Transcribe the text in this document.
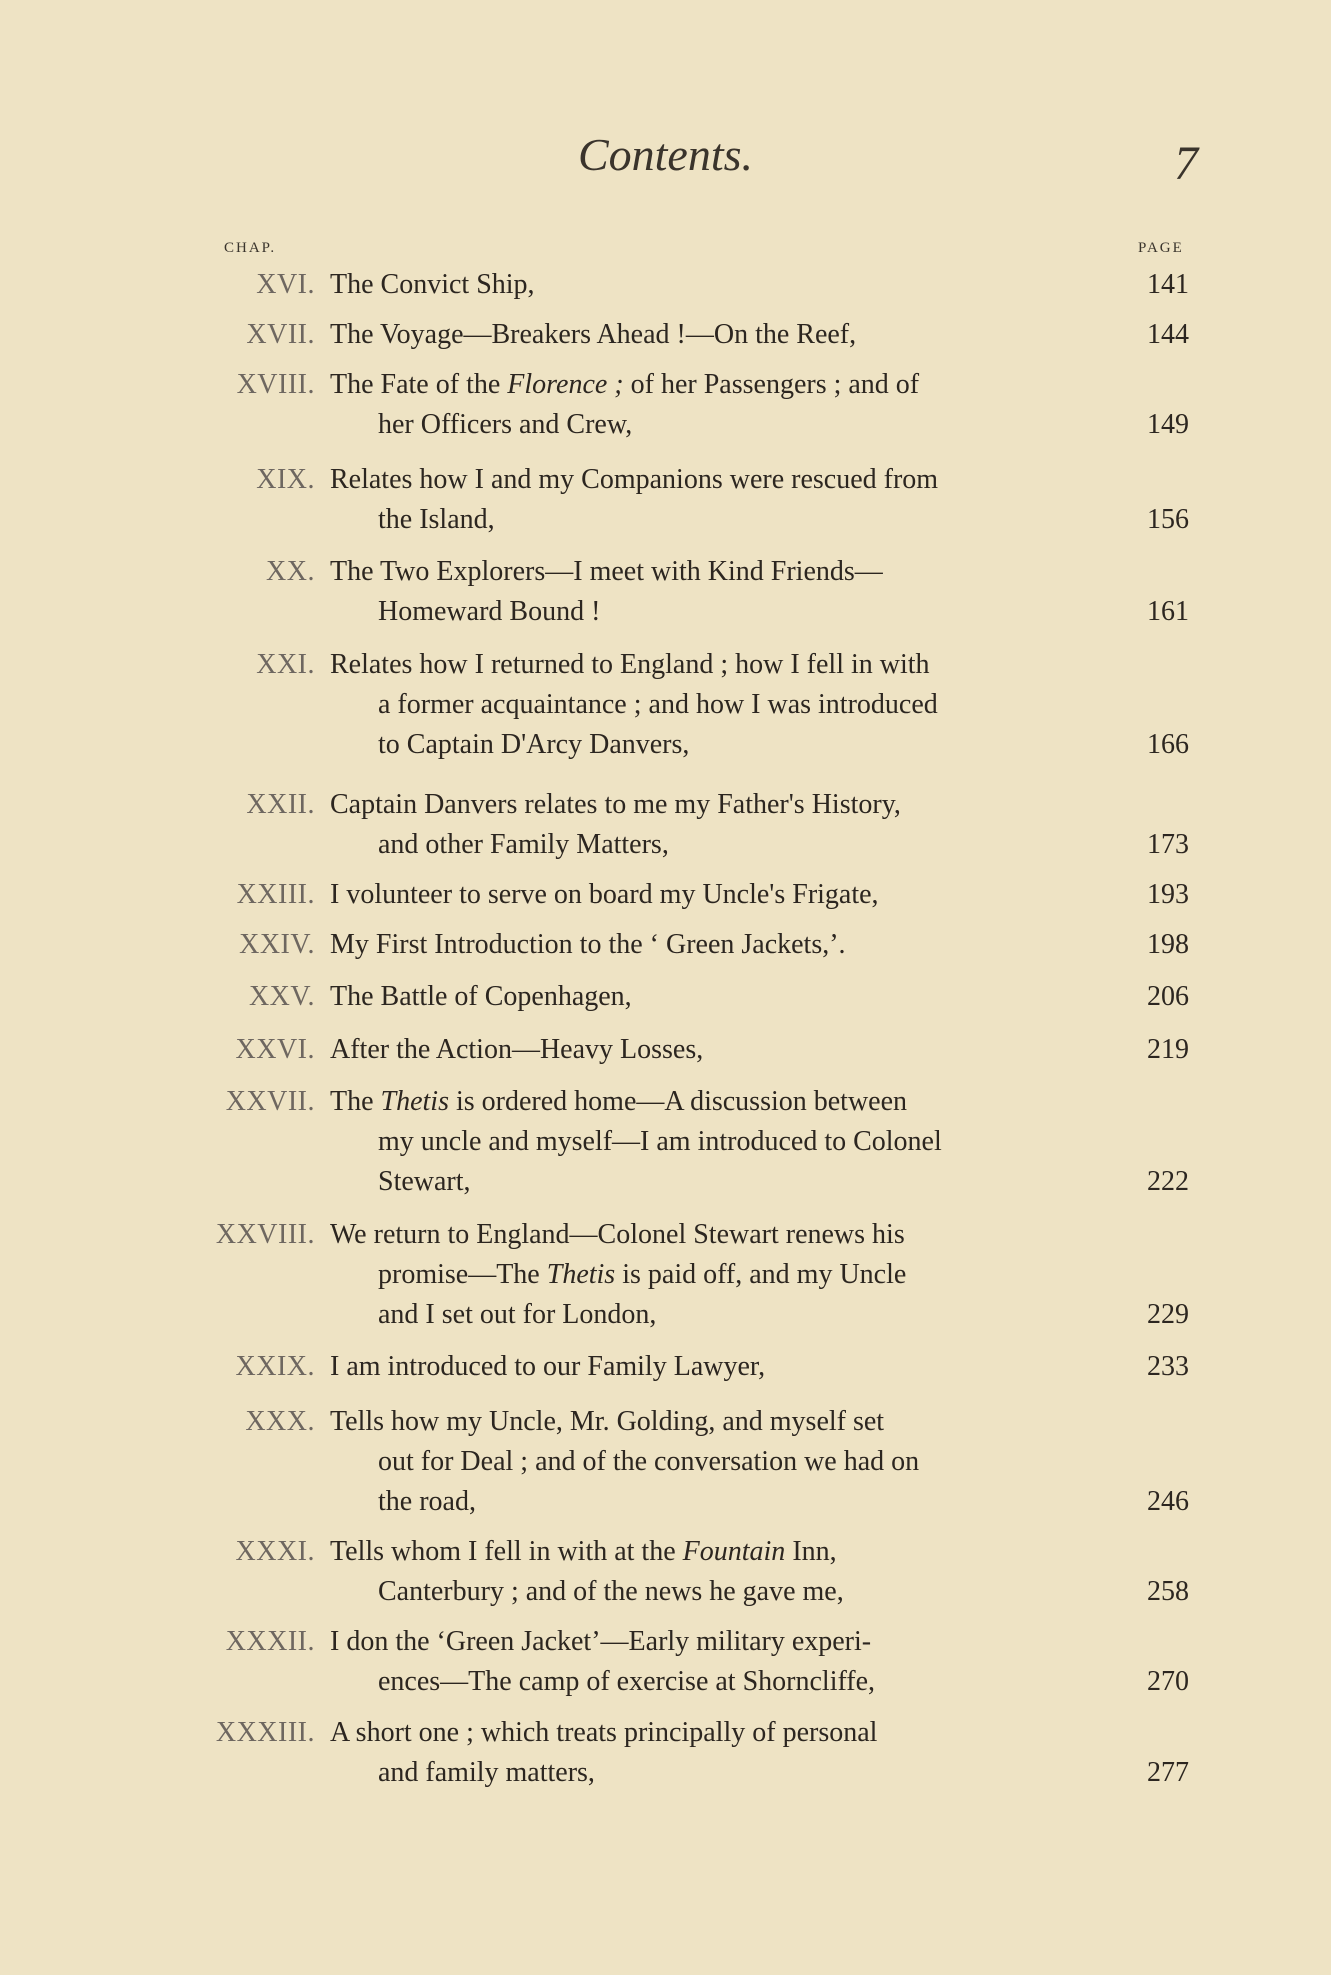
Contents.	7
CHAP.	PAGE
XVI. The Convict Ship,	141
XVII. The Voyage—Breakers Ahead !—On the Reef,	144
XVIII. The Fate of the Florence ; of her Passengers ; and of
her Officers and Crew,	149
XIX. Relates how I and my Companions were rescued from
the Island,	156
XX. The Two Explorers—I meet with Kind Friends—
Homeward Bound !	161
XXI. Relates how I returned to England ; how I fell in with
a former acquaintance ; and how I was introduced
to Captain D'Arcy Danvers,	166
XXII. Captain Danvers relates to me my Father's History,
and other Family Matters,	173
XXIII. I volunteer to serve on board my Uncle's Frigate,	193
XXIV. My First Introduction to the ‘ Green Jackets,’.	198
XXV. The Battle of Copenhagen,	206
XXVI. After the Action—Heavy Losses,	219
XXVII. The Thetis is ordered home—A discussion between
my uncle and myself—I am introduced to Colonel
Stewart,	222
XXVIII. We return to England—Colonel Stewart renews his
promise—The Thetis is paid off, and my Uncle
and I set out for London,	229
XXIX. I am introduced to our Family Lawyer,	233
XXX. Tells how my Uncle, Mr. Golding, and myself set
out for Deal ; and of the conversation we had on
the road,	246
XXXI. Tells whom I fell in with at the Fountain Inn,
Canterbury ; and of the news he gave me,	258
XXXII. I don the ‘Green Jacket’—Early military experi-
ences—The camp of exercise at Shorncliffe,	270
XXXIII. A short one ; which treats principally of personal
and family matters,	277
